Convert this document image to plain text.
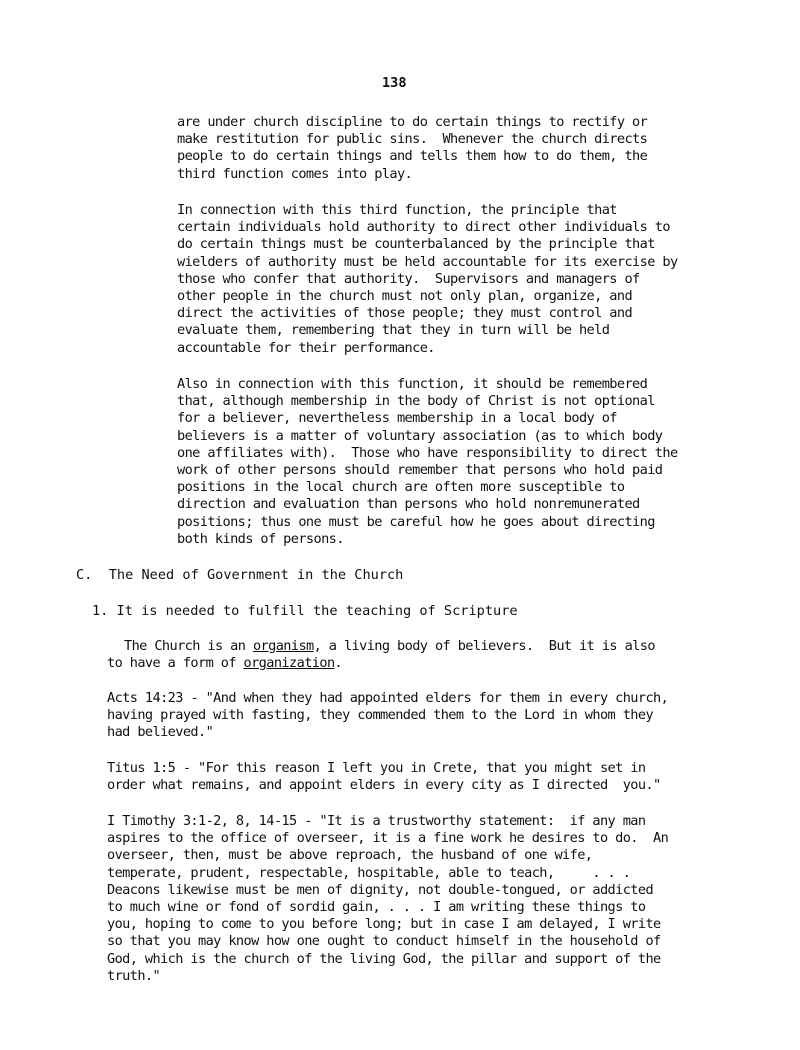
138

are under church discipline to do certain things to rectify or
make restitution for public sins.  Whenever the church directs
people to do certain things and tells them how to do them, the
third function comes into play.

In connection with this third function, the principle that
certain individuals hold authority to direct other individuals to
do certain things must be counterbalanced by the principle that
wielders of authority must be held accountable for its exercise by
those who confer that authority.  Supervisors and managers of
other people in the church must not only plan, organize, and
direct the activities of those people; they must control and
evaluate them, remembering that they in turn will be held
accountable for their performance.

Also in connection with this function, it should be remembered
that, although membership in the body of Christ is not optional
for a believer, nevertheless membership in a local body of
believers is a matter of voluntary association (as to which body
one affiliates with).  Those who have responsibility to direct the
work of other persons should remember that persons who hold paid
positions in the local church are often more susceptible to
direction and evaluation than persons who hold nonremunerated
positions; thus one must be careful how he goes about directing
both kinds of persons.

C.  The Need of Government in the Church
1. It is needed to fulfill the teaching of Scripture

The Church is an organism, a living body of believers.  But it is also

to have a form of organization.

Acts 14:23 - "And when they had appointed elders for them in every church,
having prayed with fasting, they commended them to the Lord in whom they
had believed."

Titus 1:5 - "For this reason I left you in Crete, that you might set in
order what remains, and appoint elders in every city as I directed  you."

I Timothy 3:1-2, 8, 14-15 - "It is a trustworthy statement:  if any man
aspires to the office of overseer, it is a fine work he desires to do.  An
overseer, then, must be above reproach, the husband of one wife,
temperate, prudent, respectable, hospitable, able to teach,     . . .
Deacons likewise must be men of dignity, not double-tongued, or addicted
to much wine or fond of sordid gain, . . . I am writing these things to
you, hoping to come to you before long; but in case I am delayed, I write
so that you may know how one ought to conduct himself in the household of
God, which is the church of the living God, the pillar and support of the
truth."
